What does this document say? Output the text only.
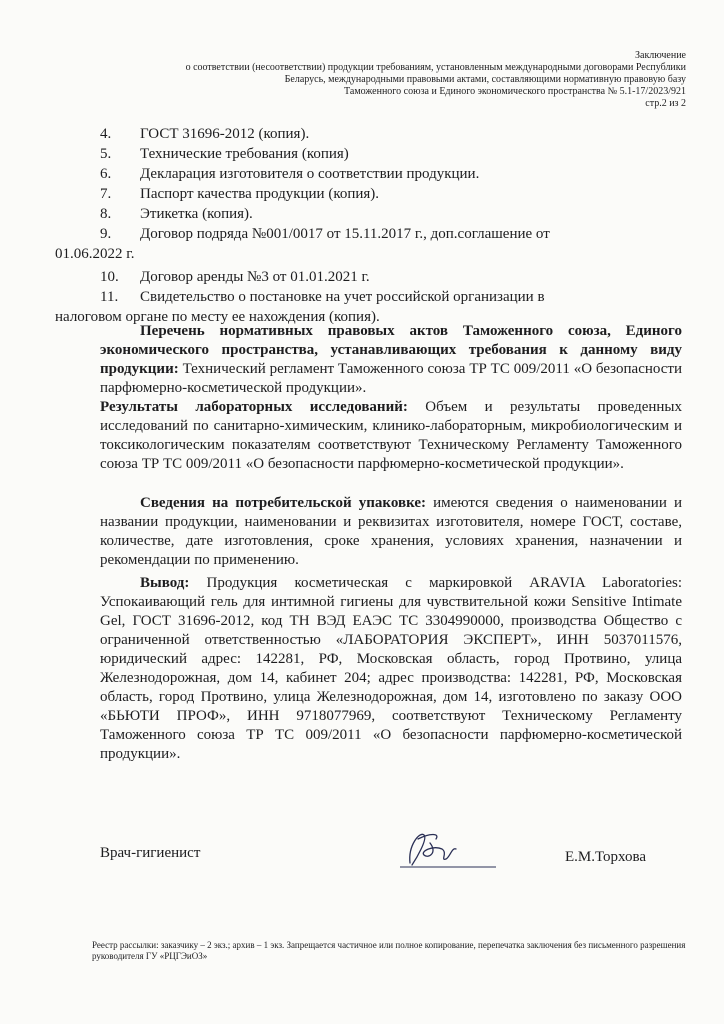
Заключение
о соответствии (несоответствии) продукции требованиям, установленным международными договорами Республики
Беларусь, международными правовыми актами, составляющими нормативную правовую базу
Таможенного союза и Единого экономического пространства № 5.1-17/2023/921
стр.2 из 2
4.	ГОСТ 31696-2012 (копия).
5.	Технические требования (копия)
6.	Декларация изготовителя о соответствии продукции.
7.	Паспорт качества продукции (копия).
8.	Этикетка (копия).
9. Договор подряда №001/0017 от 15.11.2017 г., доп.соглашение от
01.06.2022 г.
10.	Договор аренды №3 от 01.01.2021 г.
11. Свидетельство о постановке на учет российской организации в
налоговом органе по месту ее нахождения (копия).
Перечень нормативных правовых актов Таможенного союза, Единого экономического пространства, устанавливающих требования к данному виду продукции: Технический регламент Таможенного союза ТР ТС 009/2011 «О безопасности парфюмерно-косметической продукции».
Результаты лабораторных исследований: Объем и результаты проведенных исследований по санитарно-химическим, клинико-лабораторным, микробиологическим и токсикологическим показателям соответствуют Техническому Регламенту Таможенного союза ТР ТС 009/2011 «О безопасности парфюмерно-косметической продукции».
Сведения на потребительской упаковке: имеются сведения о наименовании и названии продукции, наименовании и реквизитах изготовителя, номере ГОСТ, составе, количестве, дате изготовления, сроке хранения, условиях хранения, назначении и рекомендации по применению.
Вывод: Продукция косметическая с маркировкой ARAVIA Laboratories: Успокаивающий гель для интимной гигиены для чувствительной кожи Sensitive Intimate Gel, ГОСТ 31696-2012, код ТН ВЭД ЕАЭС ТС 3304990000, производства Общество с ограниченной ответственностью «ЛАБОРАТОРИЯ ЭКСПЕРТ», ИНН 5037011576, юридический адрес: 142281, РФ, Московская область, город Протвино, улица Железнодорожная, дом 14, кабинет 204; адрес производства: 142281, РФ, Московская область, город Протвино, улица Железнодорожная, дом 14, изготовлено по заказу ООО «БЬЮТИ ПРОФ», ИНН 9718077969, соответствуют Техническому Регламенту Таможенного союза ТР ТС 009/2011 «О безопасности парфюмерно-косметической продукции».
Врач-гигиенист	Е.М.Торхова
Реестр рассылки: заказчику – 2 экз.; архив – 1 экз. Запрещается частичное или полное копирование, перепечатка заключения без письменного разрешения руководителя ГУ «РЦГЭиОЗ»
